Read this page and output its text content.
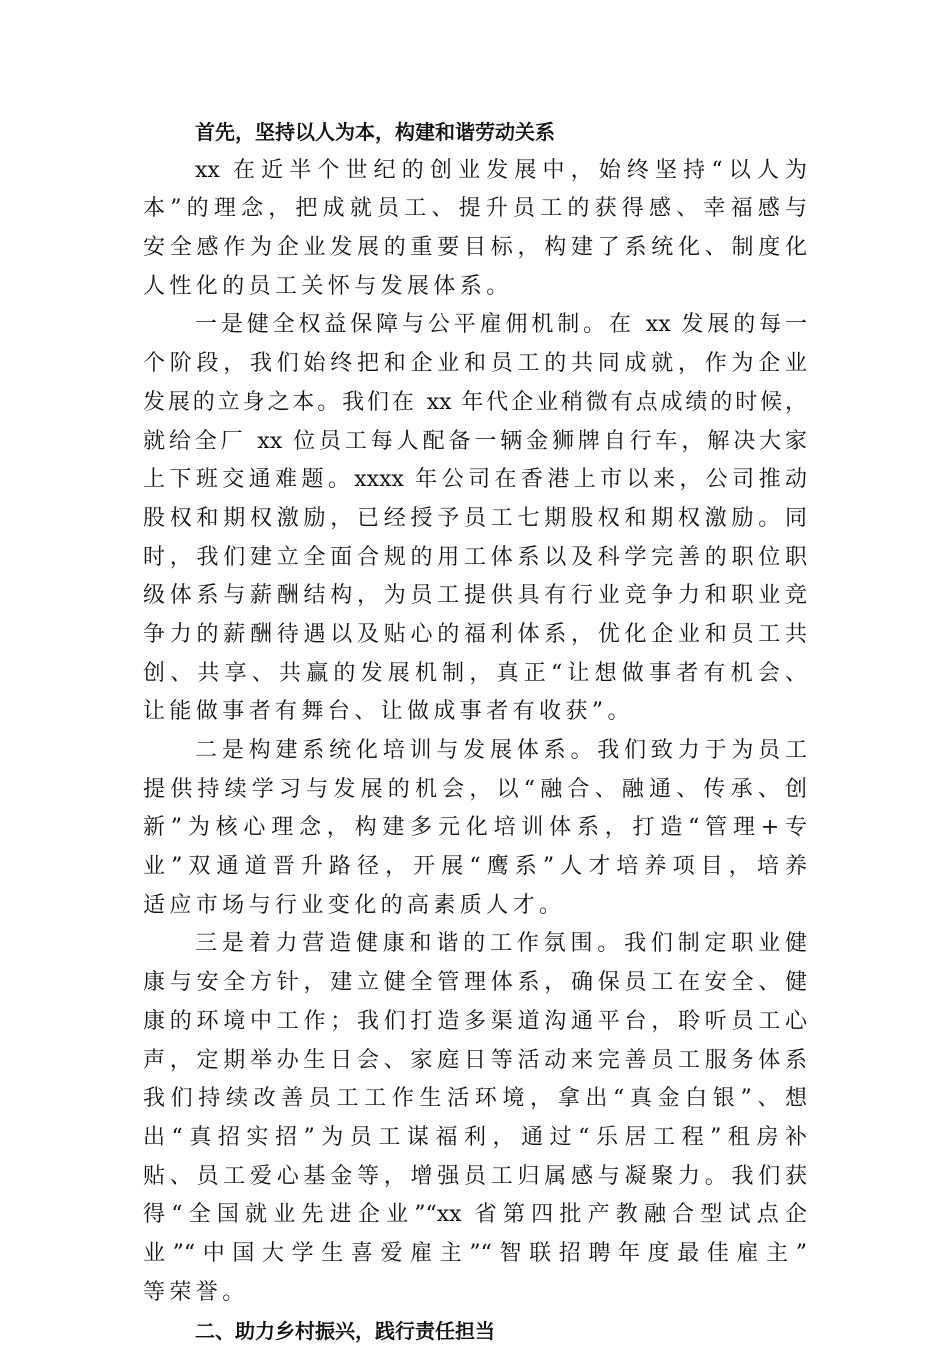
首先，坚持以人为本，构建和谐劳动关系
xx 在近半个世纪的创业发展中，始终坚持“以人为
本”的理念，把成就员工、提升员工的获得感、幸福感与
安全感作为企业发展的重要目标，构建了系统化、制度化
人性化的员工关怀与发展体系。
一是健全权益保障与公平雇佣机制。在 xx 发展的每一
个阶段，我们始终把和企业和员工的共同成就，作为企业
发展的立身之本。我们在 xx 年代企业稍微有点成绩的时候，
就给全厂 xx 位员工每人配备一辆金狮牌自行车，解决大家
上下班交通难题。xxxx 年公司在香港上市以来，公司推动
股权和期权激励，已经授予员工七期股权和期权激励。同
时，我们建立全面合规的用工体系以及科学完善的职位职
级体系与薪酬结构，为员工提供具有行业竞争力和职业竞
争力的薪酬待遇以及贴心的福利体系，优化企业和员工共
创、共享、共赢的发展机制，真正“让想做事者有机会、
让能做事者有舞台、让做成事者有收获”。
二是构建系统化培训与发展体系。我们致力于为员工
提供持续学习与发展的机会，以“融合、融通、传承、创
新”为核心理念，构建多元化培训体系，打造“管理+专
业”双通道晋升路径，开展“鹰系”人才培养项目，培养
适应市场与行业变化的高素质人才。
三是着力营造健康和谐的工作氛围。我们制定职业健
康与安全方针，建立健全管理体系，确保员工在安全、健
康的环境中工作；我们打造多渠道沟通平台，聆听员工心
声，定期举办生日会、家庭日等活动来完善员工服务体系
我们持续改善员工工作生活环境，拿出“真金白银”、想
出“真招实招”为员工谋福利，通过“乐居工程”租房补
贴、员工爱心基金等，增强员工归属感与凝聚力。我们获
得“全国就业先进企业”“xx 省第四批产教融合型试点企
业”“中国大学生喜爱雇主”“智联招聘年度最佳雇主”
等荣誉。
二、助力乡村振兴，践行责任担当
